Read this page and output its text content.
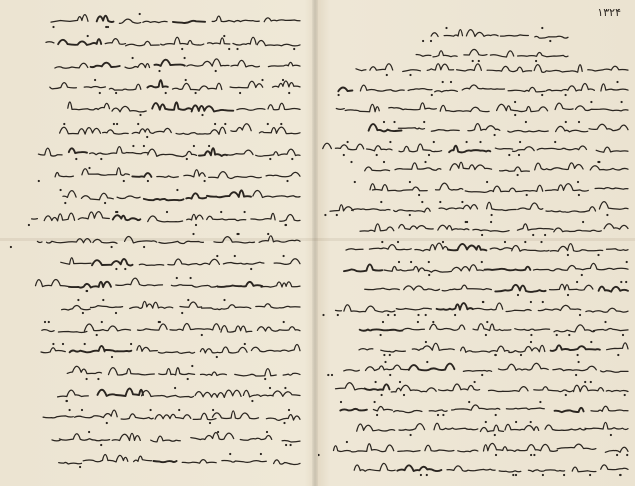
۱۳۲۴
